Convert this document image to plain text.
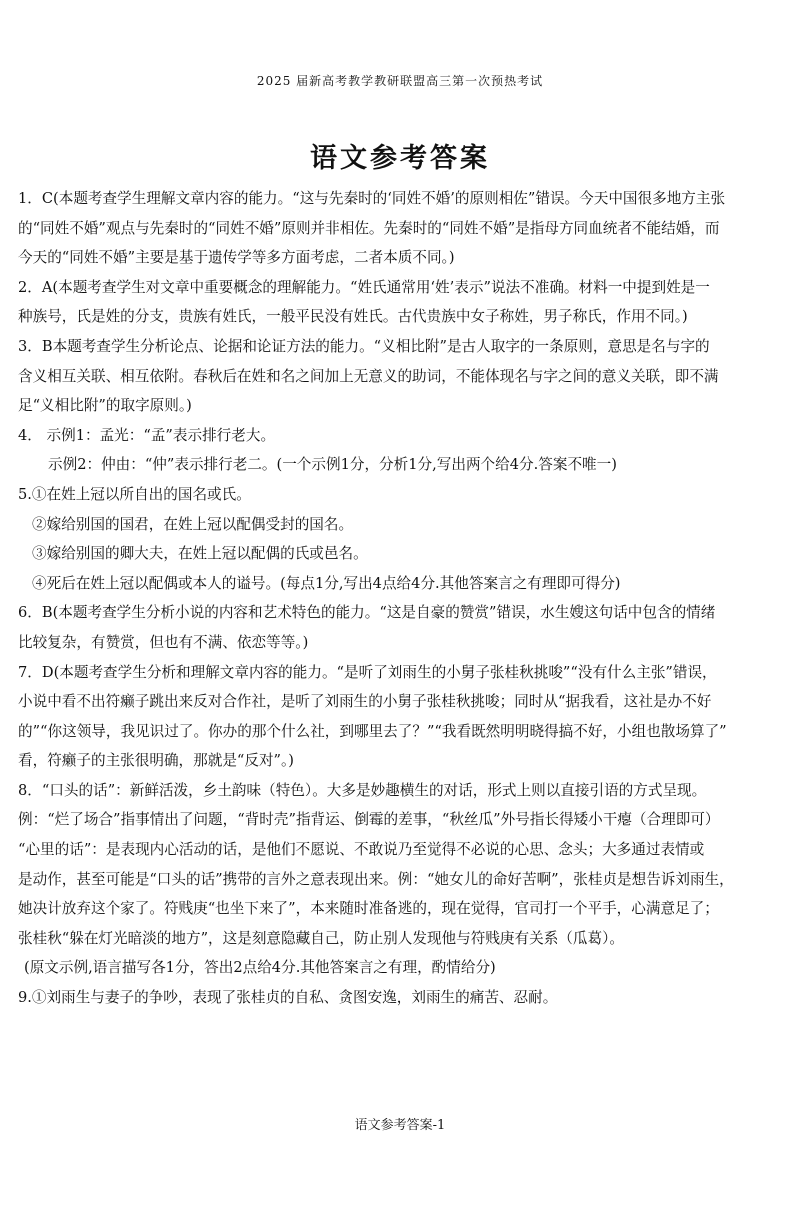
2025 届新高考教学教研联盟高三第一次预热考试
语文参考答案
1．C(本题考查学生理解文章内容的能力。“这与先秦时的‘同姓不婚’的原则相佐”错误。今天中国很多地方主张
的“同姓不婚”观点与先秦时的“同姓不婚”原则并非相佐。先秦时的“同姓不婚”是指母方同血统者不能结婚，而
今天的“同姓不婚”主要是基于遗传学等多方面考虑，二者本质不同。)
2．A(本题考查学生对文章中重要概念的理解能力。“姓氏通常用‘姓’表示”说法不准确。材料一中提到姓是一
种族号，氏是姓的分支，贵族有姓氏，一般平民没有姓氏。古代贵族中女子称姓，男子称氏，作用不同。)
3．B本题考查学生分析论点、论据和论证方法的能力。“义相比附”是古人取字的一条原则，意思是名与字的
含义相互关联、相互依附。春秋后在姓和名之间加上无意义的助词，不能体现名与字之间的意义关联，即不满
足“义相比附”的取字原则。)
4． 示例1：孟光：“孟”表示排行老大。
示例2：仲由：“仲”表示排行老二。(一个示例1分，分析1分,写出两个给4分.答案不唯一)
5.①在姓上冠以所自出的国名或氏。
②嫁给别国的国君，在姓上冠以配偶受封的国名。
③嫁给别国的卿大夫，在姓上冠以配偶的氏或邑名。
④死后在姓上冠以配偶或本人的谥号。(每点1分,写出4点给4分.其他答案言之有理即可得分)
6．B(本题考查学生分析小说的内容和艺术特色的能力。“这是自豪的赞赏”错误，水生嫂这句话中包含的情绪
比较复杂，有赞赏，但也有不满、依恋等等。)
7．D(本题考查学生分析和理解文章内容的能力。“是听了刘雨生的小舅子张桂秋挑唆”“没有什么主张”错误，
小说中看不出符癞子跳出来反对合作社，是听了刘雨生的小舅子张桂秋挑唆；同时从“据我看，这社是办不好
的”“你这领导，我见识过了。你办的那个什么社，到哪里去了？”“我看既然明明晓得搞不好，小组也散场算了”
看，符癞子的主张很明确，那就是“反对”。)
8．“口头的话”：新鲜活泼，乡土韵味（特色）。大多是妙趣横生的对话，形式上则以直接引语的方式呈现。
例：“烂了场合”指事情出了问题，“背时壳”指背运、倒霉的差事，“秋丝瓜”外号指长得矮小干瘪（合理即可）
“心里的话”：是表现内心活动的话，是他们不愿说、不敢说乃至觉得不必说的心思、念头；大多通过表情或
是动作，甚至可能是“口头的话”携带的言外之意表现出来。例：“她女儿的命好苦啊”，张桂贞是想告诉刘雨生，
她决计放弃这个家了。符贱庚“也坐下来了”，本来随时准备逃的，现在觉得，官司打一个平手，心满意足了；
张桂秋“躲在灯光暗淡的地方”，这是刻意隐藏自己，防止别人发现他与符贱庚有关系（瓜葛）。
(原文示例,语言描写各1分，答出2点给4分.其他答案言之有理，酌情给分)
9.①刘雨生与妻子的争吵，表现了张桂贞的自私、贪图安逸，刘雨生的痛苦、忍耐。
语文参考答案-1
